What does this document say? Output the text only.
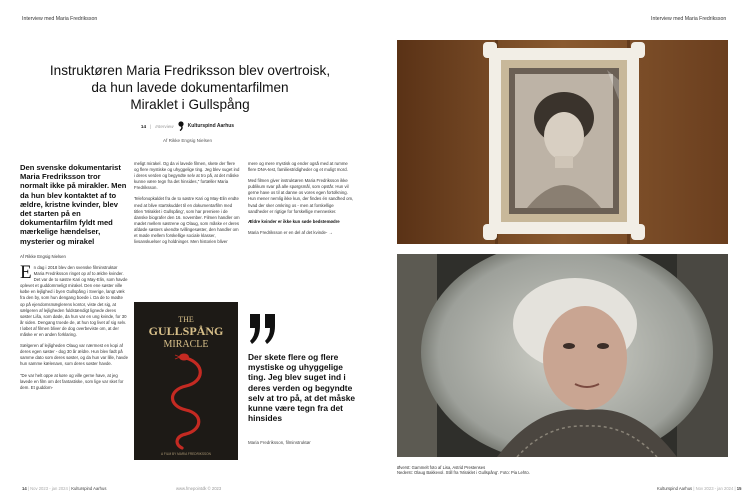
Interview med Maria Fredriksson
Instruktøren Maria Fredriksson blev overtroisk,
da hun lavede dokumentarfilmen
Miraklet i Gullspång
14 | Interview	Kulturspind Aarhus
Af Rikke Engsig Nielsen
Den svenske dokumentarist Maria Fredriksson tror normalt ikke på mirakler. Men da hun blev kontaktet af to ældre, kristne kvinder, blev det starten på en dokumentarfilm fyldt med mærkelige hændelser, mysterier og mirakel
Af Rikke Engsig Nielsen
E n dag i 2018 blev den svenske filminstruktør Maria Fredriksson ringet op af to ældre kvinder. Det var de to søstre Kari og May-Elin, som havde oplevet et guddommeligt mirakel. Den ene søster ville købe en lejlighed i byen Gullspång i Sverige, langt væk fra den by, som hun dengang boede i. Da de to mødte op på ejendomsmæglerens kontor, viste det sig, at sælgeren af lejligheden fuldstændigt lignede deres søster Liša, som døde, da hun var en ung kvinde, for 30 år siden. Dengang troede de, at hun tog livet af sig selv. I løbet af filmen bliver de dog overbeviste om, at der måske er en anden forklaring.

Sælgeren af lejligheden Olaug var nærmest en kopi af deres egen søster - dog 30 år ældre. Hun blev født på samme dato som deres søster, og da hun var lille, havde hun samme kælenavn, som deres søster havde.

"De var helt oppe at køre og ville gerne have, at jeg lavede en film om det fantastiske, som lige var sket for dem. Et guddom-

meligt mirakel. Og da vi lavede filmen, skete der flere og flere mystiske og uhyggelige ting. Jeg blev suget ind i deres verden og begyndte selv at tro på, at det måske kunne være tegn fra det hinsides," fortæller Maria Fredriksson.

Telefonopkaldet fra de to søstre Kari og May-Elin endte med at blive startskuddet til en dokumentarfilm med titlen 'Miraklet i Gullspång', som har premiere i de danske biografer den 16. november. Filmen handler om mødet mellem søstrene og Olaug, som måske er deres afdøde søsters ukendte tvillingesøster, den handler om et møde mellem forskellige sociale klasser, livsanskuelser og holdninger. Men historien bliver

mere og mere mystisk og ender også med at rumme flere DNA-test, familiestridigheder og et muligt mord.

Med filmen giver instruktøren Maria Fredriksson ikke publikum svar på alle spørgsmål, som opstår. Hun vil gerne have os til at danne os vores egen fortolkning. Hun mener nemlig ikke kun, der findes én sandhed om, hvad der sker omkring os - men at forskellige sandheder er rigtige for forskellige mennesker.

Ældre kvinder er ikke kun søde bedstemødre

Maria Fredriksson er en del af det kvinde- →

THE
GULLSPÅNG
MIRACLE
A FILM BY MARIA FREDRIKSSON
Der skete flere og flere mystiske og uhyggelige ting. Jeg blev suget ind i deres verden og begyndte selv at tro på, at det måske kunne være tegn fra det hinsides
Maria Fredriksson, filminstruktør
14 | Nov 2023 - jan 2024 | Kulturspind Aarhus	www.fmepointdk © 2023
Interview med Maria Fredriksson
Øverst: Gammelt foto af Lisa, Astrid Prestenses
Nederst: Olaug Bakkevol. Still fra 'Miraklet i Gullspång'. Foto: Pia Lehto.
Kulturspind Aarhus | Nov 2023 - jan 2024 | 15
